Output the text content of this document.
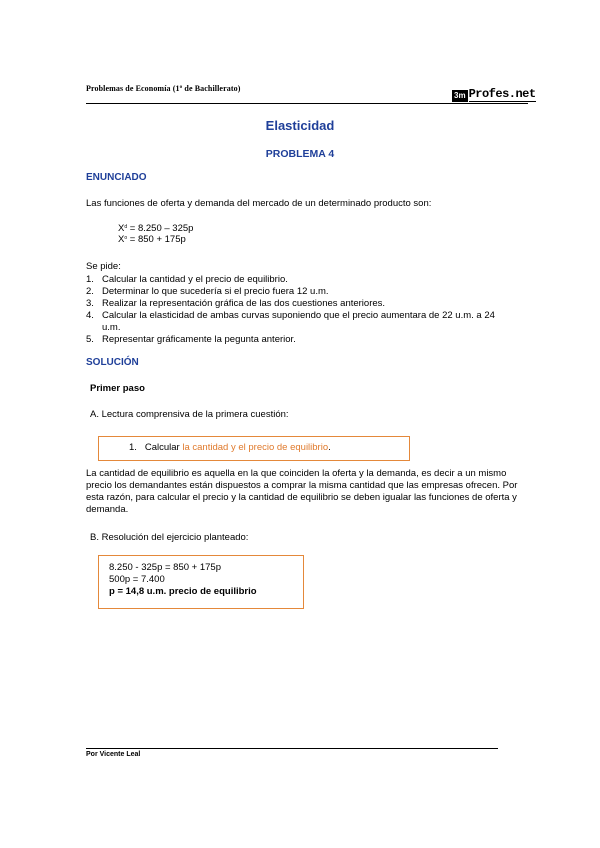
Problemas de Economía (1º de Bachillerato)
3m Profes.net
Elasticidad
PROBLEMA 4
ENUNCIADO
Las funciones de oferta y demanda del mercado de un determinado producto son:
$X^d = 8.250 - 325p$
$X^o = 850 + 175p$
Se pide:
1. Calcular la cantidad y el precio de equilibrio.
2. Determinar lo que sucedería si el precio fuera 12 u.m.
3. Realizar la representación gráfica de las dos cuestiones anteriores.
4. Calcular la elasticidad de ambas curvas suponiendo que el precio aumentara de 22 u.m. a 24 u.m.
5. Representar gráficamente la pegunta anterior.
SOLUCIÓN
Primer paso
A. Lectura comprensiva de la primera cuestión:
1. Calcular la cantidad y el precio de equilibrio.
La cantidad de equilibrio es aquella en la que coinciden la oferta y la demanda, es decir a un mismo precio los demandantes están dispuestos a comprar la misma cantidad que las empresas ofrecen. Por esta razón, para calcular el precio y la cantidad de equilibrio se deben igualar las funciones de oferta y demanda.
B. Resolución del ejercicio planteado:
8.250 - 325p = 850 + 175p
500p = 7.400
p = 14,8 u.m. precio de equilibrio
Por Vicente Leal
